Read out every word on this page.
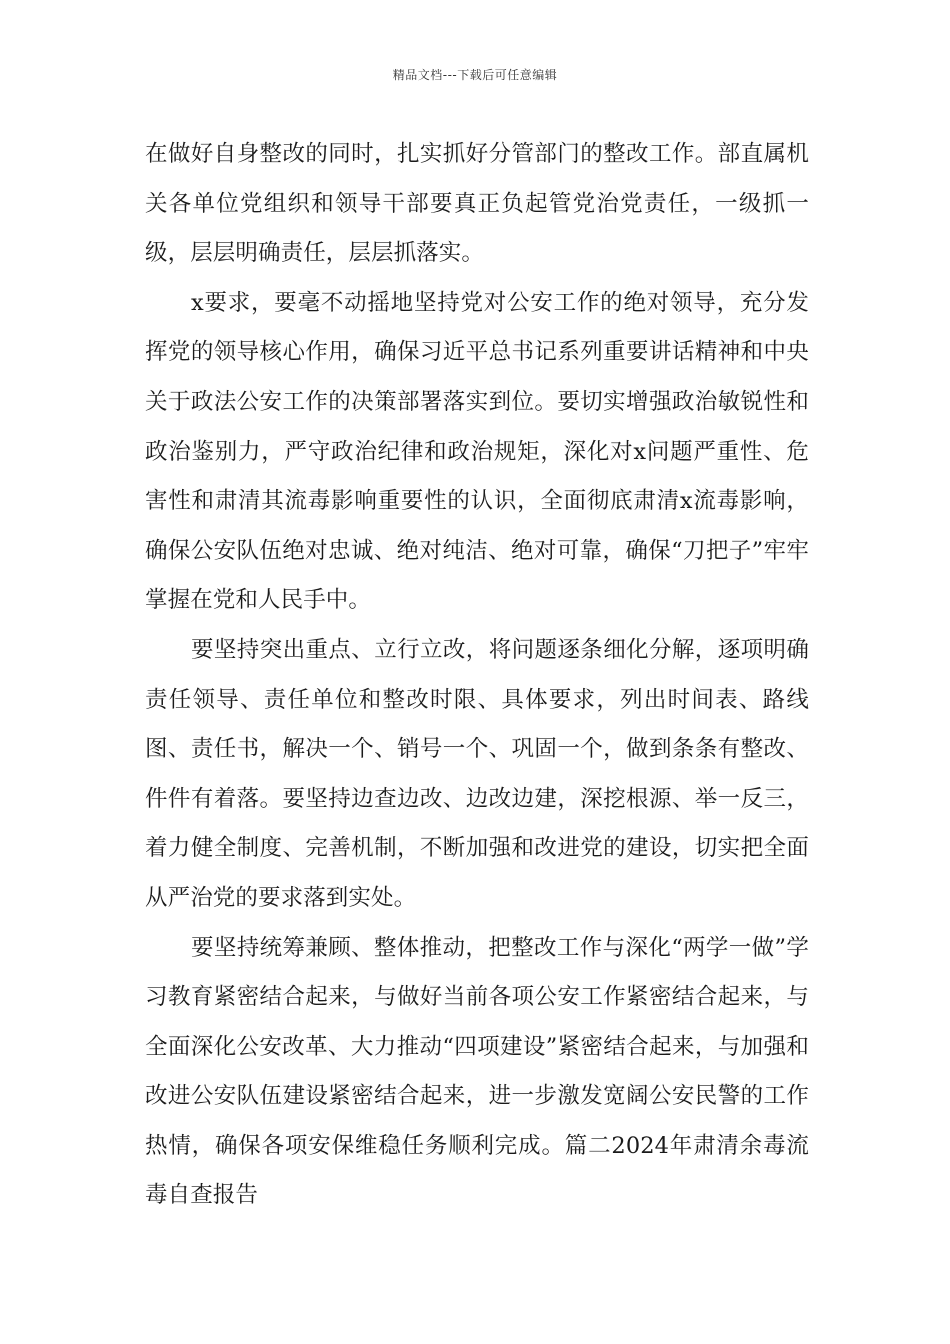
精品文档---下载后可任意编辑

在做好自身整改的同时，扎实抓好分管部门的整改工作。部直属机关各单位党组织和领导干部要真正负起管党治党责任，一级抓一级，层层明确责任，层层抓落实。

x要求，要毫不动摇地坚持党对公安工作的绝对领导，充分发挥党的领导核心作用，确保习近平总书记系列重要讲话精神和中央关于政法公安工作的决策部署落实到位。要切实增强政治敏锐性和政治鉴别力，严守政治纪律和政治规矩，深化对x问题严重性、危害性和肃清其流毒影响重要性的认识，全面彻底肃清x流毒影响，确保公安队伍绝对忠诚、绝对纯洁、绝对可靠，确保“刀把子”牢牢掌握在党和人民手中。

要坚持突出重点、立行立改，将问题逐条细化分解，逐项明确责任领导、责任单位和整改时限、具体要求，列出时间表、路线图、责任书，解决一个、销号一个、巩固一个，做到条条有整改、件件有着落。要坚持边查边改、边改边建，深挖根源、举一反三，着力健全制度、完善机制，不断加强和改进党的建设，切实把全面从严治党的要求落到实处。

要坚持统筹兼顾、整体推动，把整改工作与深化“两学一做”学习教育紧密结合起来，与做好当前各项公安工作紧密结合起来，与全面深化公安改革、大力推动“四项建设”紧密结合起来，与加强和改进公安队伍建设紧密结合起来，进一步激发宽阔公安民警的工作热情，确保各项安保维稳任务顺利完成。篇二2024年肃清余毒流毒自查报告
